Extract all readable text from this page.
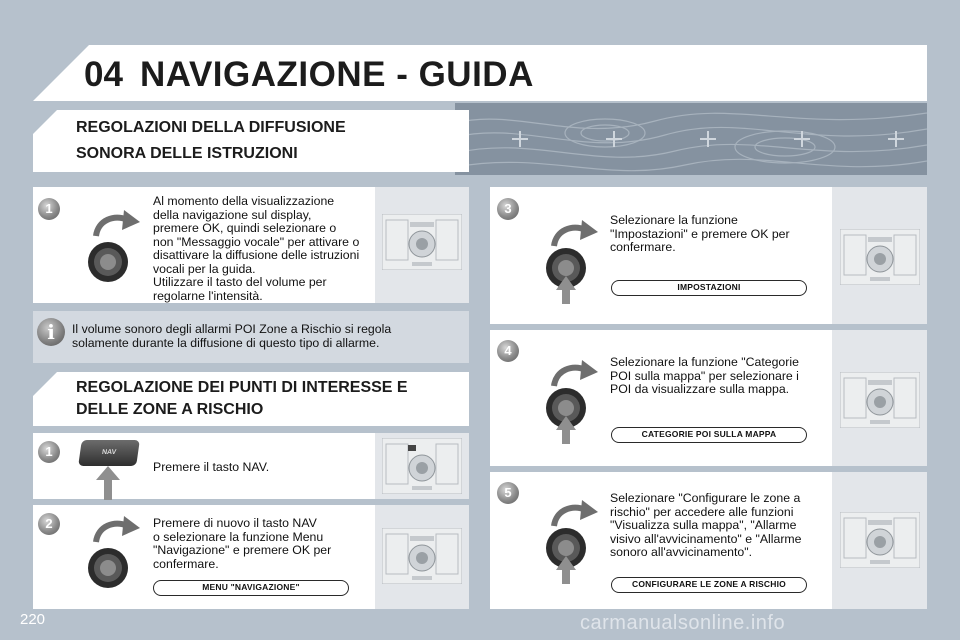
04 NAVIGAZIONE - GUIDA
REGOLAZIONI DELLA DIFFUSIONE
SONORA DELLE ISTRUZIONI
1	Al momento della visualizzazione
della navigazione sul display,
premere OK, quindi selezionare o
non "Messaggio vocale" per attivare o
disattivare la diffusione delle istruzioni
vocali per la guida.
Utilizzare il tasto del volume per
regolarne l'intensità.
i	Il volume sonoro degli allarmi POI Zone a Rischio si regola
solamente durante la diffusione di questo tipo di allarme.
REGOLAZIONE DEI PUNTI DI INTERESSE E
DELLE ZONE A RISCHIO
1	NAV
Premere il tasto NAV.
2	Premere di nuovo il tasto NAV
o selezionare la funzione Menu
"Navigazione" e premere OK per
confermare.
MENU "NAVIGAZIONE"
3
Selezionare la funzione
"Impostazioni" e premere OK per
confermare.
IMPOSTAZIONI
4
Selezionare la funzione "Categorie
POI sulla mappa" per selezionare i
POI da visualizzare sulla mappa.
CATEGORIE POI SULLA MAPPA
5	Selezionare "Configurare le zone a
rischio" per accedere alle funzioni
"Visualizza sulla mappa", "Allarme
visivo all'avvicinamento" e "Allarme
sonoro all'avvicinamento".
CONFIGURARE LE ZONE A RISCHIO
220	carmanualsonline.info
